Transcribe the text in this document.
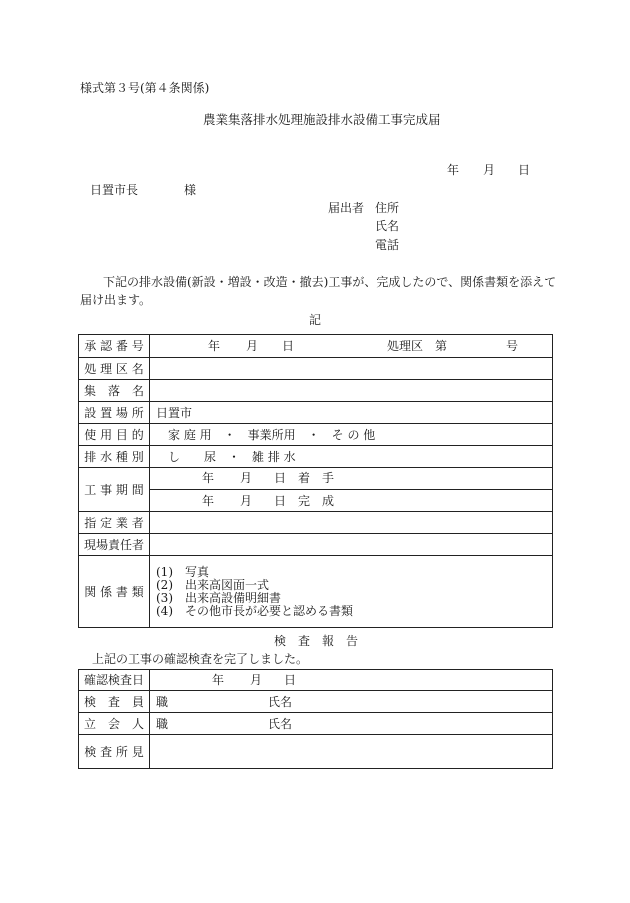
様式第３号(第４条関係)
農業集落排水処理施設排水設備工事完成届
年 月 日
日置市長	様
届出者 住所
氏名
電話
下記の排水設備(新設・増設・改造・撤去)工事が、完成したので、関係書類を添えて
届け出ます。
記
承 認 番 号	年 月 日 処理区　第 号

処 理 区 名	
集　落　名	
設 置 場 所	日置市
使 用 目 的	家 庭 用　・　事業所用　・　そ の 他
排 水 種 別	し　　尿　・　雑 排 水
工 事 期 間	年 月 日 着　手

	年 月 日 完　成

指 定 業 者	
現場責任者	
関 係 書 類	(1)　写真
(2)　出来高図面一式
(3)　出来高設備明細書
(4)　その他市長が必要と認める書類
検　査　報　告
上記の工事の確認検査を完了しました。
確認検査日	年 月 日

検　査　員	職 氏名

立　会　人	職 氏名

検 査 所 見	
